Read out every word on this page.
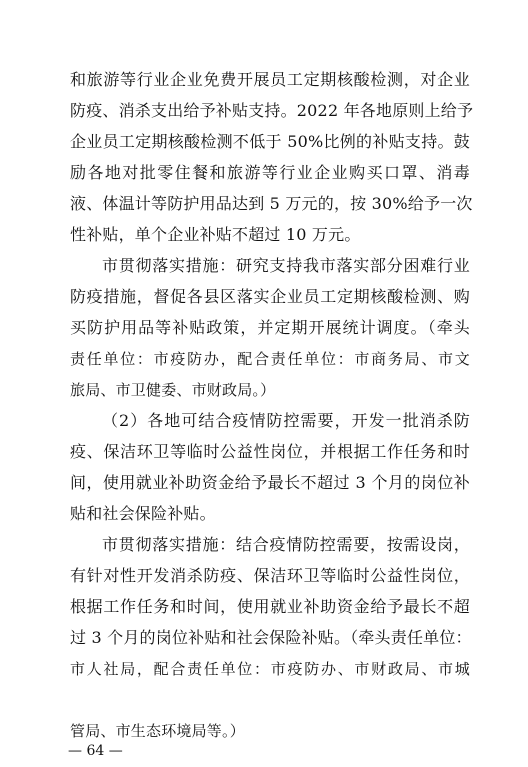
和旅游等行业企业免费开展员工定期核酸检测，对企业
防疫、消杀支出给予补贴支持。2022 年各地原则上给予
企业员工定期核酸检测不低于 50%比例的补贴支持。鼓
励各地对批零住餐和旅游等行业企业购买口罩、消毒
液、体温计等防护用品达到 5 万元的，按 30%给予一次
性补贴，单个企业补贴不超过 10 万元。
市贯彻落实措施：研究支持我市落实部分困难行业
防疫措施，督促各县区落实企业员工定期核酸检测、购
买防护用品等补贴政策，并定期开展统计调度。（牵头
责任单位：市疫防办，配合责任单位：市商务局、市文
旅局、市卫健委、市财政局。）
（2）各地可结合疫情防控需要，开发一批消杀防
疫、保洁环卫等临时公益性岗位，并根据工作任务和时
间，使用就业补助资金给予最长不超过 3 个月的岗位补
贴和社会保险补贴。
市贯彻落实措施：结合疫情防控需要，按需设岗，
有针对性开发消杀防疫、保洁环卫等临时公益性岗位，
根据工作任务和时间，使用就业补助资金给予最长不超
过 3 个月的岗位补贴和社会保险补贴。（牵头责任单位：
市人社局，配合责任单位：市疫防办、市财政局、市城
— 64 —
管局、市生态环境局等。）
